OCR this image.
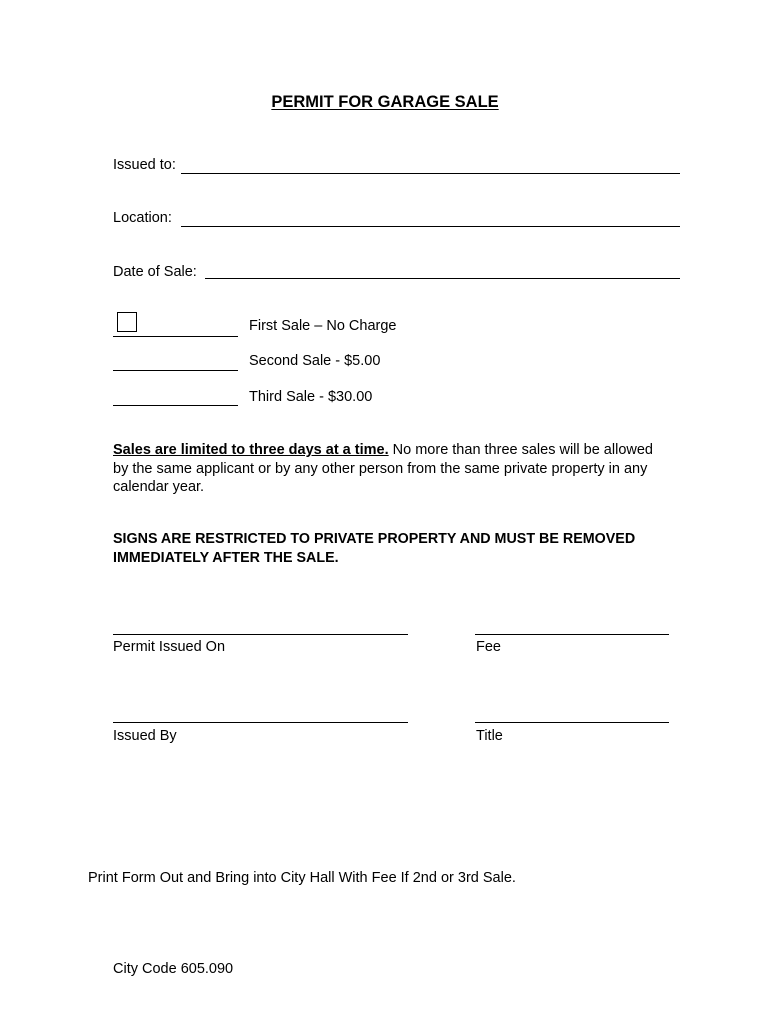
PERMIT FOR GARAGE SALE
Issued to:
Location:
Date of Sale:
First Sale – No Charge
Second Sale - $5.00
Third Sale - $30.00
Sales are limited to three days at a time. No more than three sales will be allowed by the same applicant or by any other person from the same private property in any calendar year.
SIGNS ARE RESTRICTED TO PRIVATE PROPERTY AND MUST BE REMOVED IMMEDIATELY AFTER THE SALE.
Permit Issued On	Fee
Issued By	Title
Print Form Out and Bring into City Hall With Fee If 2nd or 3rd Sale.
City Code 605.090
